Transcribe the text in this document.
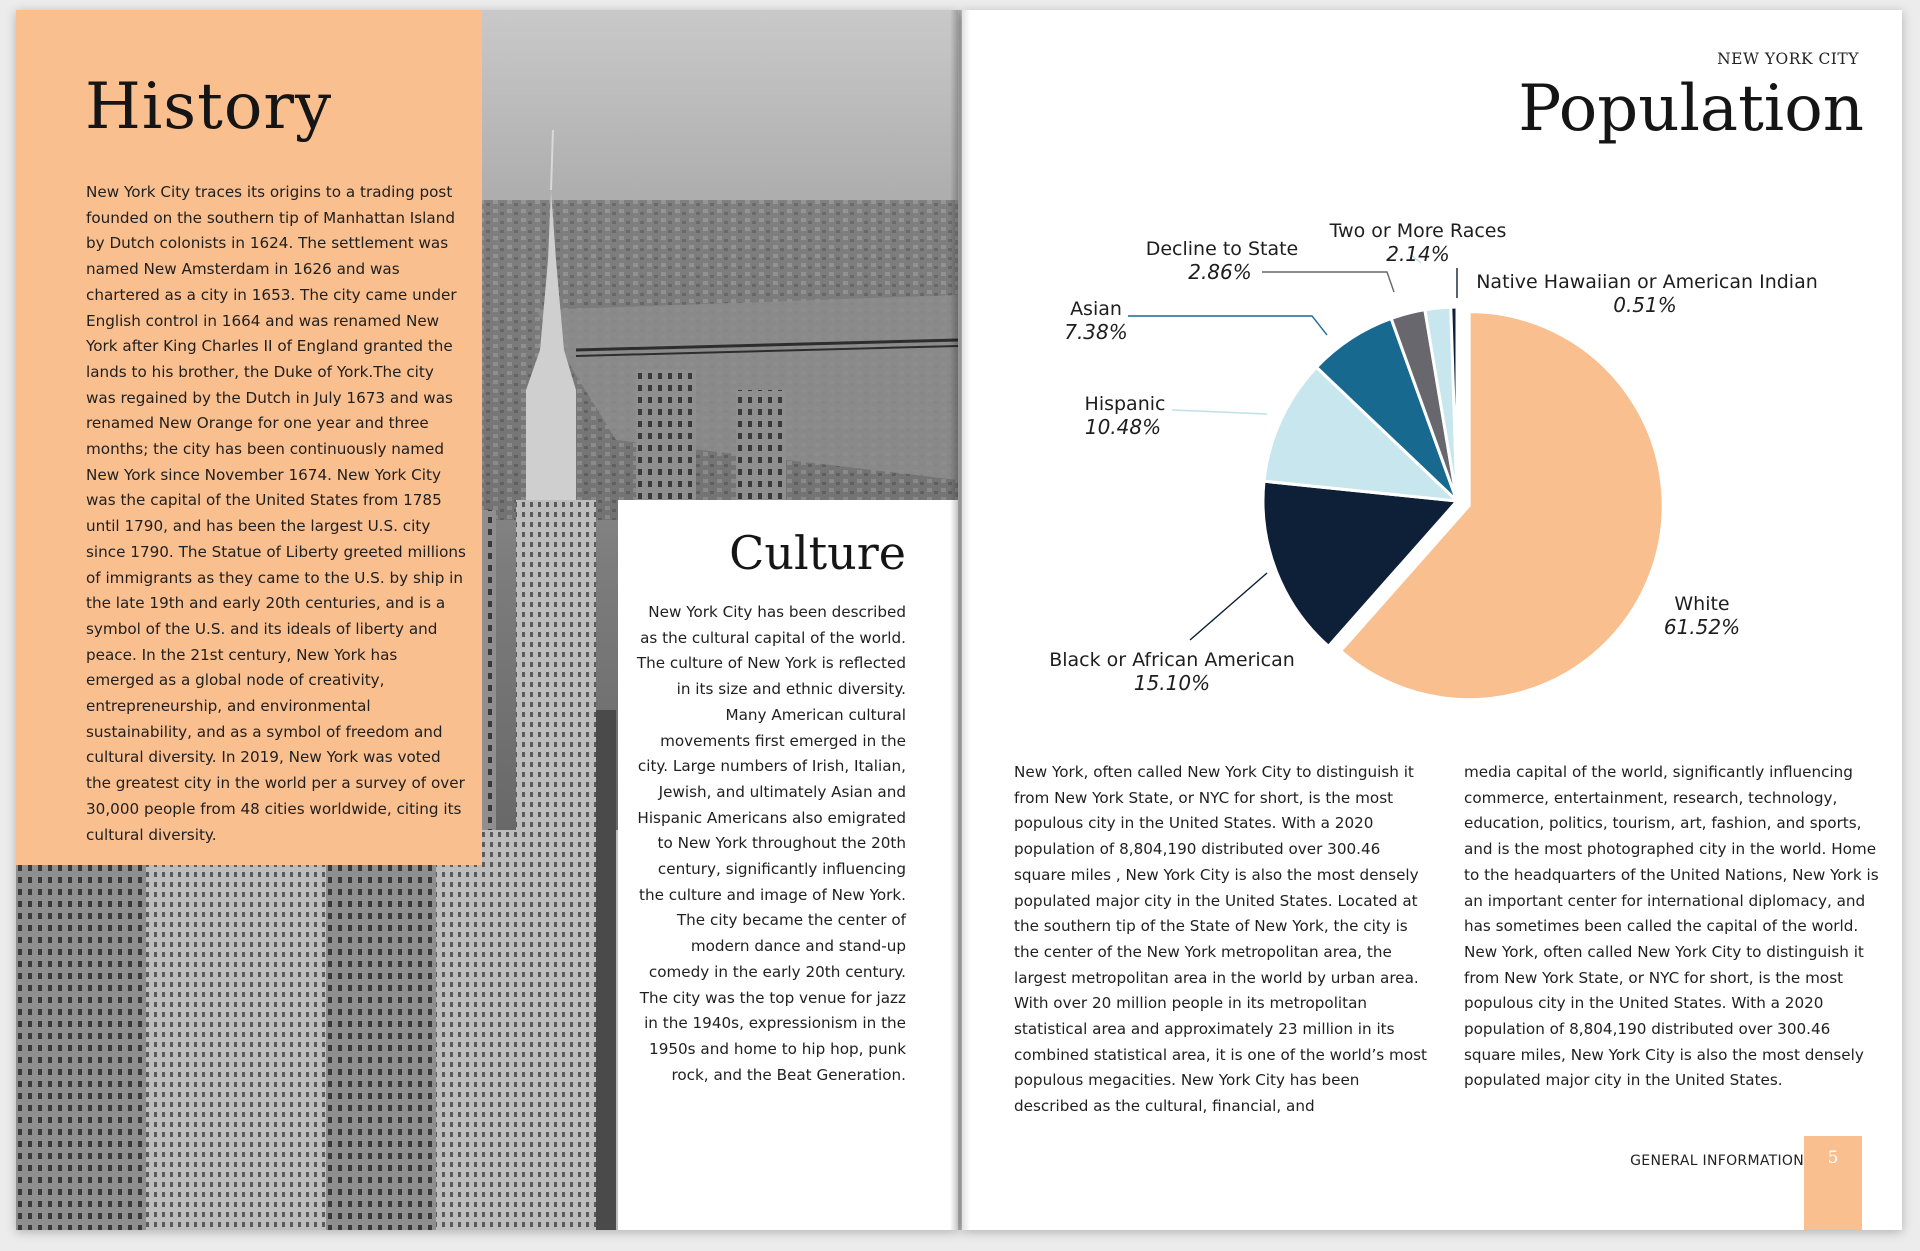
History

New York City traces its origins to a trading post founded on the southern tip of Manhattan Island by Dutch colonists in 1624. The settlement was named New Amsterdam in 1626 and was chartered as a city in 1653. The city came under English control in 1664 and was renamed New York after King Charles II of England granted the lands to his brother, the Duke of York.The city was regained by the Dutch in July 1673 and was renamed New Orange for one year and three months; the city has been continuously named New York since November 1674. New York City was the capital of the United States from 1785 until 1790, and has been the largest U.S. city since 1790. The Statue of Liberty greeted millions of immigrants as they came to the U.S. by ship in the late 19th and early 20th centuries, and is a symbol of the U.S. and its ideals of liberty and peace. In the 21st century, New York has emerged as a global node of creativity, entrepreneurship, and environmental sustainability, and as a symbol of freedom and cultural diversity. In 2019, New York was voted the greatest city in the world per a survey of over 30,000 people from 48 cities worldwide, citing its cultural diversity.

Culture

New York City has been described as the cultural capital of the world. The culture of New York is reflected in its size and ethnic diversity. Many American cultural movements first emerged in the city. Large numbers of Irish, Italian, Jewish, and ultimately Asian and Hispanic Americans also emigrated to New York throughout the 20th century, significantly influencing the culture and image of New York. The city became the center of modern dance and stand-up comedy in the early 20th century. The city was the top venue for jazz in the 1940s, expressionism in the 1950s and home to hip hop, punk rock, and the Beat Generation.

NEW YORK CITY
Population
White
61.52%
Black or African American
15.10%
Hispanic
10.48%
Asian
7.38%
Decline to State
2.86%
Two or More Races
2.14%
Native Hawaiian or American Indian
0.51%

New York, often called New York City to distinguish it from New York State, or NYC for short, is the most populous city in the United States. With a 2020 population of 8,804,190 distributed over 300.46 square miles , New York City is also the most densely populated major city in the United States. Located at the southern tip of the State of New York, the city is the center of the New York metropolitan area, the largest metropolitan area in the world by urban area. With over 20 million people in its metropolitan statistical area and approximately 23 million in its combined statistical area, it is one of the world’s most populous megacities. New York City has been described as the cultural, financial, and

media capital of the world, significantly influencing commerce, entertainment, research, technology, education, politics, tourism, art, fashion, and sports, and is the most photographed city in the world. Home to the headquarters of the United Nations, New York is an important center for international diplomacy, and has sometimes been called the capital of the world. New York, often called New York City to distinguish it from New York State, or NYC for short, is the most populous city in the United States. With a 2020 population of 8,804,190 distributed over 300.46 square miles, New York City is also the most densely populated major city in the United States.

GENERAL INFORMATION	5
